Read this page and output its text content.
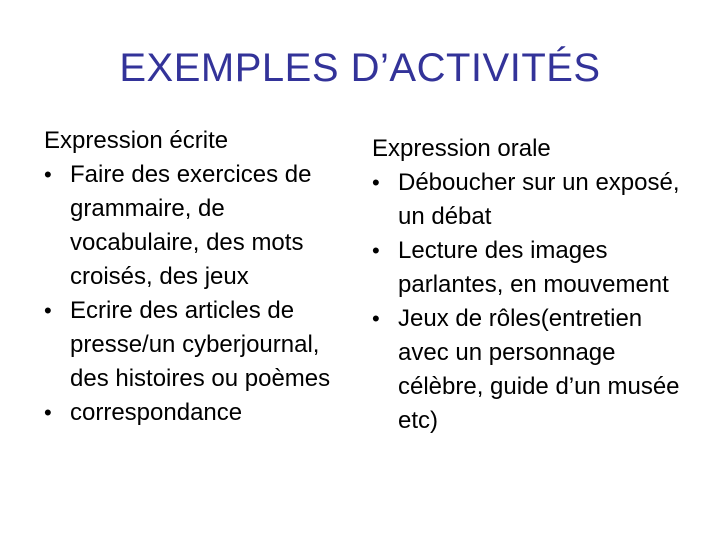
EXEMPLES D’ACTIVITÉS

Expression écrite

• Faire des exercices de grammaire, de vocabulaire, des mots croisés, des jeux
• Ecrire des articles de presse/un cyberjournal, des histoires ou poèmes
• correspondance

Expression orale

• Déboucher sur un exposé, un débat
• Lecture des images parlantes, en mouvement
• Jeux de rôles(entretien avec un personnage célèbre, guide d’un musée etc)
